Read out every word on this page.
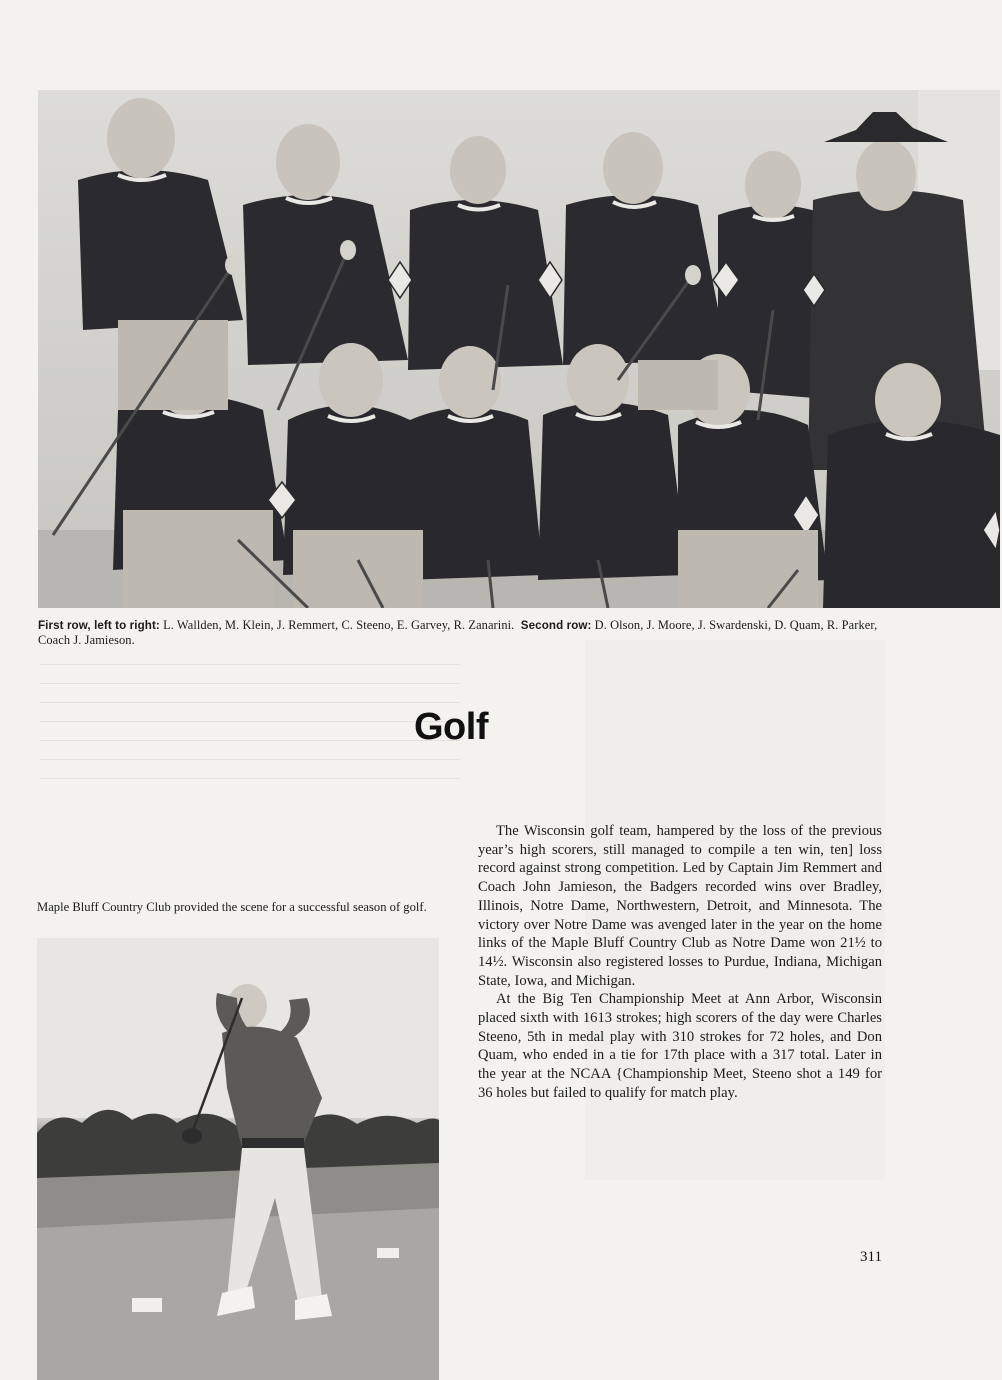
First row, left to right: L. Wallden, M. Klein, J. Remmert, C. Steeno, E. Garvey, R. Zanarini. Second row: D. Olson, J. Moore, J. Swardenski, D. Quam, R. Parker, Coach J. Jamieson.
Golf

The Wisconsin golf team, hampered by the loss of the previous year’s high scorers, still managed to compile a ten win, ten] loss record against strong competition. Led by Captain Jim Remmert and Coach John Jamieson, the Badgers recorded wins over Bradley, Illinois, Notre Dame, Northwestern, Detroit, and Minnesota. The victory over Notre Dame was avenged later in the year on the home links of the Maple Bluff Country Club as Notre Dame won 21½ to 14½. Wisconsin also registered losses to Purdue, Indiana, Michigan State, Iowa, and Michigan.

At the Big Ten Championship Meet at Ann Arbor, Wisconsin placed sixth with 1613 strokes; high scorers of the day were Charles Steeno, 5th in medal play with 310 strokes for 72 holes, and Don Quam, who ended in a tie for 17th place with a 317 total. Later in the year at the NCAA {Championship Meet, Steeno shot a 149 for 36 holes but failed to qualify for match play.

Maple Bluff Country Club provided the scene for a successful season of golf.
311
